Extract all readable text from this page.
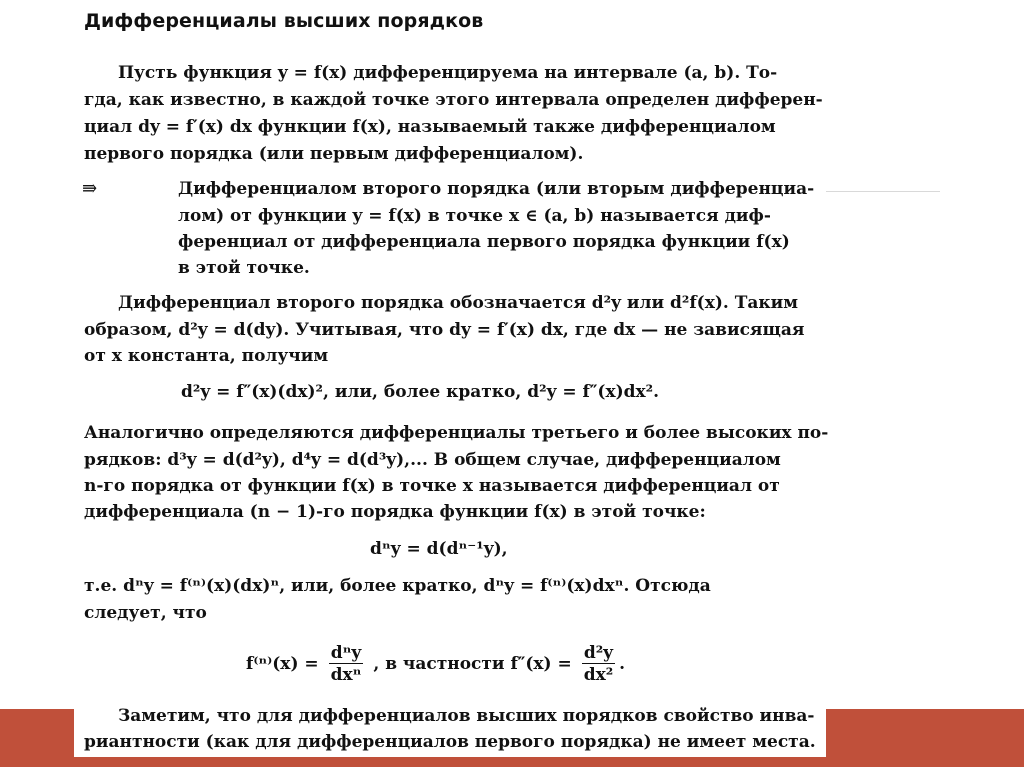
Дифференциалы высших порядков
Пусть функция y = f(x) дифференцируема на интервале (a, b). То-
гда, как известно, в каждой точке этого интервала определен дифферен-
циал dy = f′(x) dx функции f(x), называемый также дифференциалом
первого порядка (или первым дифференциалом).
⇛	Дифференциалом второго порядка (или вторым дифференциа-
лом) от функции y = f(x) в точке x ∈ (a, b) называется диф-
ференциал от дифференциала первого порядка функции f(x)
в этой точке.
Дифференциал второго порядка обозначается d²y или d²f(x). Таким
образом, d²y = d(dy). Учитывая, что dy = f′(x) dx, где dx — не зависящая
от x константа, получим
d²y = f″(x)(dx)², или, более кратко, d²y = f″(x)dx².
Аналогично определяются дифференциалы третьего и более высоких по-
рядков: d³y = d(d²y), d⁴y = d(d³y),... В общем случае, дифференциалом
n-го порядка от функции f(x) в точке x называется дифференциал от
дифференциала (n − 1)-го порядка функции f(x) в этой точке:
dⁿy = d(dⁿ⁻¹y),
т.е. dⁿy = f⁽ⁿ⁾(x)(dx)ⁿ, или, более кратко, dⁿy = f⁽ⁿ⁾(x)dxⁿ. Отсюда
следует, что
$f^{(n)}(x) = \frac{\text{dⁿy}}{\text{dxⁿ}}$ , в частности $f''(x) = \frac{\text{d²y}}{\text{dx²}}$ .
Заметим, что для дифференциалов высших порядков свойство инва-
риантности (как для дифференциалов первого порядка) не имеет места.
